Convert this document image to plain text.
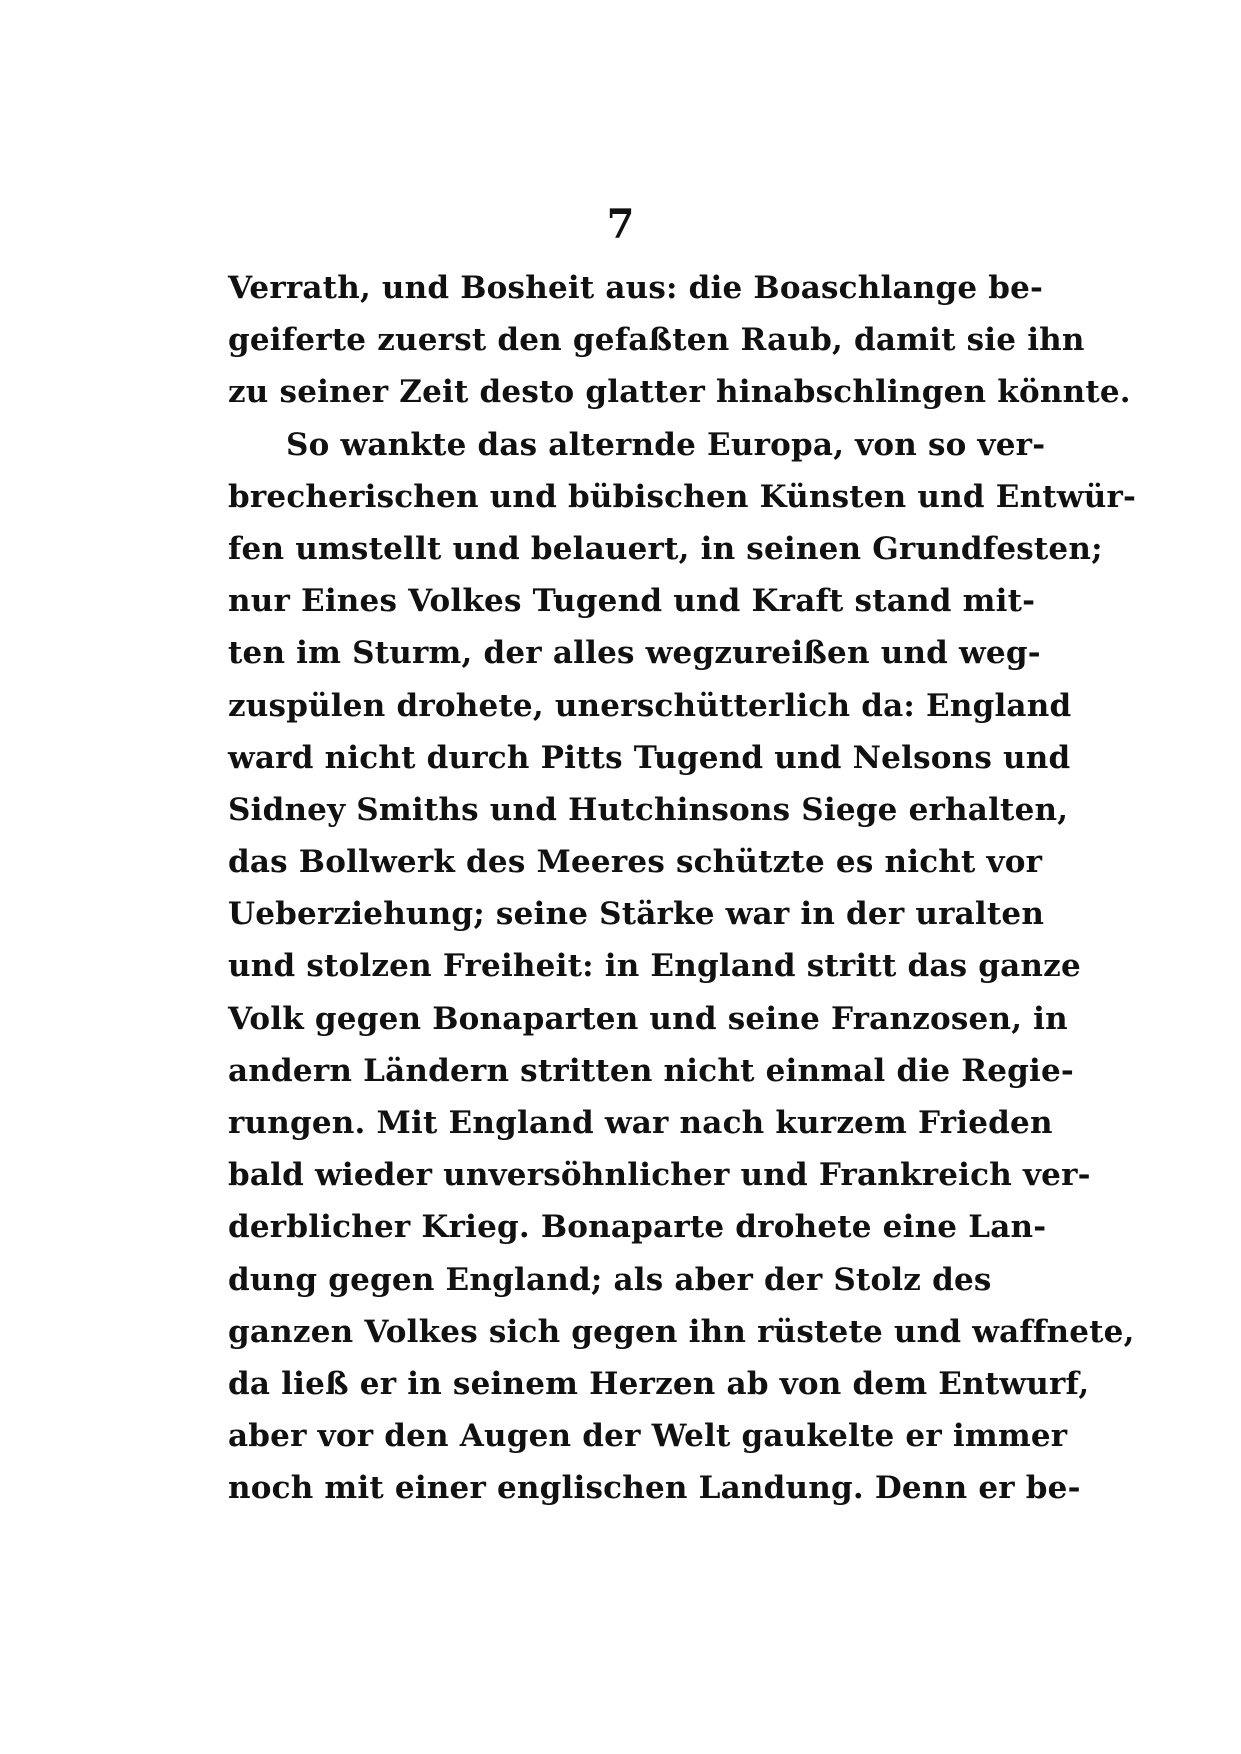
7
Verrath, und Bosheit aus: die Boaschlange be-
geiferte zuerst den gefaßten Raub, damit sie ihn
zu seiner Zeit desto glatter hinabschlingen könnte.
So wankte das alternde Europa, von so ver-
brecherischen und bübischen Künsten und Entwür-
fen umstellt und belauert, in seinen Grundfesten;
nur Eines Volkes Tugend und Kraft stand mit-
ten im Sturm, der alles wegzureißen und weg-
zuspülen drohete, unerschütterlich da: England
ward nicht durch Pitts Tugend und Nelsons und
Sidney Smiths und Hutchinsons Siege erhalten,
das Bollwerk des Meeres schützte es nicht vor
Ueberziehung; seine Stärke war in der uralten
und stolzen Freiheit: in England stritt das ganze
Volk gegen Bonaparten und seine Franzosen, in
andern Ländern stritten nicht einmal die Regie-
rungen. Mit England war nach kurzem Frieden
bald wieder unversöhnlicher und Frankreich ver-
derblicher Krieg. Bonaparte drohete eine Lan-
dung gegen England; als aber der Stolz des
ganzen Volkes sich gegen ihn rüstete und waffnete,
da ließ er in seinem Herzen ab von dem Entwurf,
aber vor den Augen der Welt gaukelte er immer
noch mit einer englischen Landung. Denn er be-
